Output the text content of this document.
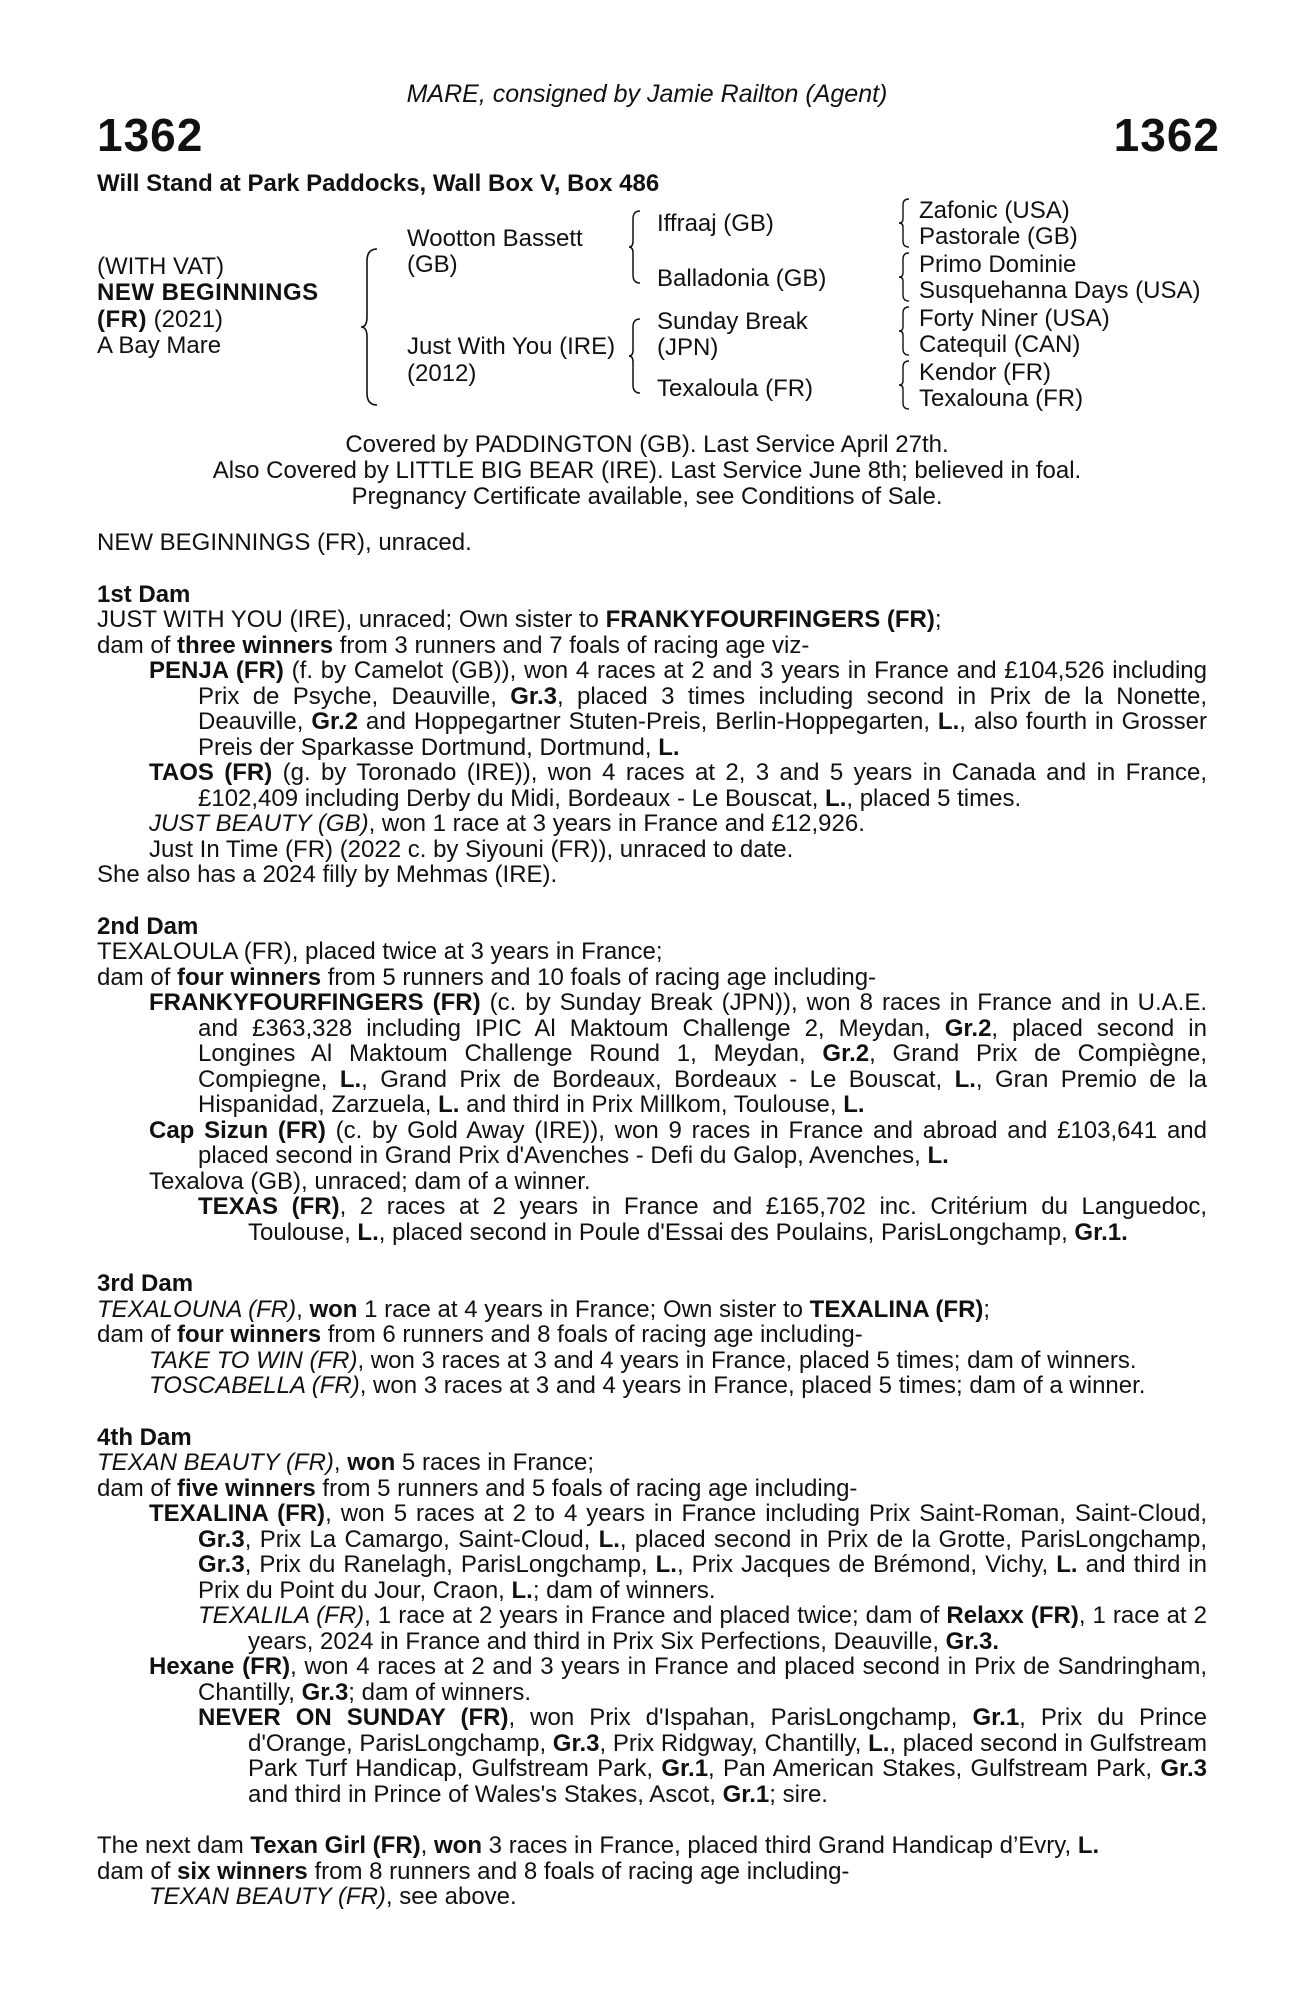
MARE, consigned by Jamie Railton (Agent)
1362	1362
Will Stand at Park Paddocks, Wall Box V, Box 486
(WITH VAT)
NEW BEGINNINGS
(FR) (2021)
A Bay Mare
Wootton Bassett
(GB)
Just With You (IRE)
(2012)
Iffraaj (GB)
Balladonia (GB)
Sunday Break
(JPN)
Texaloula (FR)
Zafonic (USA)
Pastorale (GB)
Primo Dominie
Susquehanna Days (USA)
Forty Niner (USA)
Catequil (CAN)
Kendor (FR)
Texalouna (FR)
Covered by PADDINGTON (GB). Last Service April 27th.
Also Covered by LITTLE BIG BEAR (IRE). Last Service June 8th; believed in foal.
Pregnancy Certificate available, see Conditions of Sale.

NEW BEGINNINGS (FR), unraced.

1st Dam

JUST WITH YOU (IRE), unraced; Own sister to FRANKYFOURFINGERS (FR);

dam of three winners from 3 runners and 7 foals of racing age viz-

PENJA (FR) (f. by Camelot (GB)), won 4 races at 2 and 3 years in France and £104,526 including Prix de Psyche, Deauville, Gr.3, placed 3 times including second in Prix de la Nonette, Deauville, Gr.2 and Hoppegartner Stuten-Preis, Berlin-Hoppegarten, L., also fourth in Grosser Preis der Sparkasse Dortmund, Dortmund, L.

TAOS (FR) (g. by Toronado (IRE)), won 4 races at 2, 3 and 5 years in Canada and in France, £102,409 including Derby du Midi, Bordeaux - Le Bouscat, L., placed 5 times.

JUST BEAUTY (GB), won 1 race at 3 years in France and £12,926.

Just In Time (FR) (2022 c. by Siyouni (FR)), unraced to date.

She also has a 2024 filly by Mehmas (IRE).

2nd Dam

TEXALOULA (FR), placed twice at 3 years in France;

dam of four winners from 5 runners and 10 foals of racing age including-

FRANKYFOURFINGERS (FR) (c. by Sunday Break (JPN)), won 8 races in France and in U.A.E. and £363,328 including IPIC Al Maktoum Challenge 2, Meydan, Gr.2, placed second in Longines Al Maktoum Challenge Round 1, Meydan, Gr.2, Grand Prix de Compiègne, Compiegne, L., Grand Prix de Bordeaux, Bordeaux - Le Bouscat, L., Gran Premio de la Hispanidad, Zarzuela, L. and third in Prix Millkom, Toulouse, L.

Cap Sizun (FR) (c. by Gold Away (IRE)), won 9 races in France and abroad and £103,641 and placed second in Grand Prix d'Avenches - Defi du Galop, Avenches, L.

Texalova (GB), unraced; dam of a winner.

TEXAS (FR), 2 races at 2 years in France and £165,702 inc. Critérium du Languedoc, Toulouse, L., placed second in Poule d'Essai des Poulains, ParisLongchamp, Gr.1.

3rd Dam

TEXALOUNA (FR), won 1 race at 4 years in France; Own sister to TEXALINA (FR);

dam of four winners from 6 runners and 8 foals of racing age including-

TAKE TO WIN (FR), won 3 races at 3 and 4 years in France, placed 5 times; dam of winners.

TOSCABELLA (FR), won 3 races at 3 and 4 years in France, placed 5 times; dam of a winner.

4th Dam

TEXAN BEAUTY (FR), won 5 races in France;

dam of five winners from 5 runners and 5 foals of racing age including-

TEXALINA (FR), won 5 races at 2 to 4 years in France including Prix Saint-Roman, Saint-Cloud, Gr.3, Prix La Camargo, Saint-Cloud, L., placed second in Prix de la Grotte, ParisLongchamp, Gr.3, Prix du Ranelagh, ParisLongchamp, L., Prix Jacques de Brémond, Vichy, L. and third in Prix du Point du Jour, Craon, L.; dam of winners.

TEXALILA (FR), 1 race at 2 years in France and placed twice; dam of Relaxx (FR), 1 race at 2 years, 2024 in France and third in Prix Six Perfections, Deauville, Gr.3.

Hexane (FR), won 4 races at 2 and 3 years in France and placed second in Prix de Sandringham, Chantilly, Gr.3; dam of winners.

NEVER ON SUNDAY (FR), won Prix d'Ispahan, ParisLongchamp, Gr.1, Prix du Prince d'Orange, ParisLongchamp, Gr.3, Prix Ridgway, Chantilly, L., placed second in Gulfstream Park Turf Handicap, Gulfstream Park, Gr.1, Pan American Stakes, Gulfstream Park, Gr.3 and third in Prince of Wales's Stakes, Ascot, Gr.1; sire.

The next dam Texan Girl (FR), won 3 races in France, placed third Grand Handicap d’Evry, L.

dam of six winners from 8 runners and 8 foals of racing age including-

TEXAN BEAUTY (FR), see above.
